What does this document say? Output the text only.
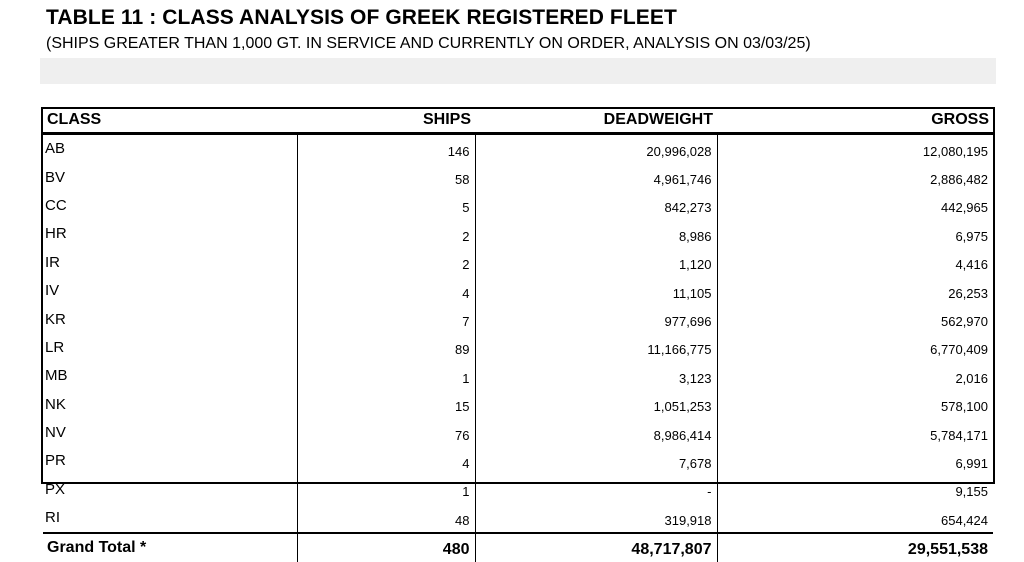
TABLE 11 : CLASS ANALYSIS OF GREEK REGISTERED FLEET
(SHIPS GREATER THAN 1,000 GT. IN SERVICE AND CURRENTLY ON ORDER, ANALYSIS ON 03/03/25)
CLASS	SHIPS	DEADWEIGHT	GROSS
AB	146	20,996,028	12,080,195
BV	58	4,961,746	2,886,482
CC	5	842,273	442,965
HR	2	8,986	6,975
IR	2	1,120	4,416
IV	4	11,105	26,253
KR	7	977,696	562,970
LR	89	11,166,775	6,770,409
MB	1	3,123	2,016
NK	15	1,051,253	578,100
NV	76	8,986,414	5,784,171
PR	4	7,678	6,991
PX	1	-	9,155
RI	48	319,918	654,424
Grand Total *	480	48,717,807	29,551,538
